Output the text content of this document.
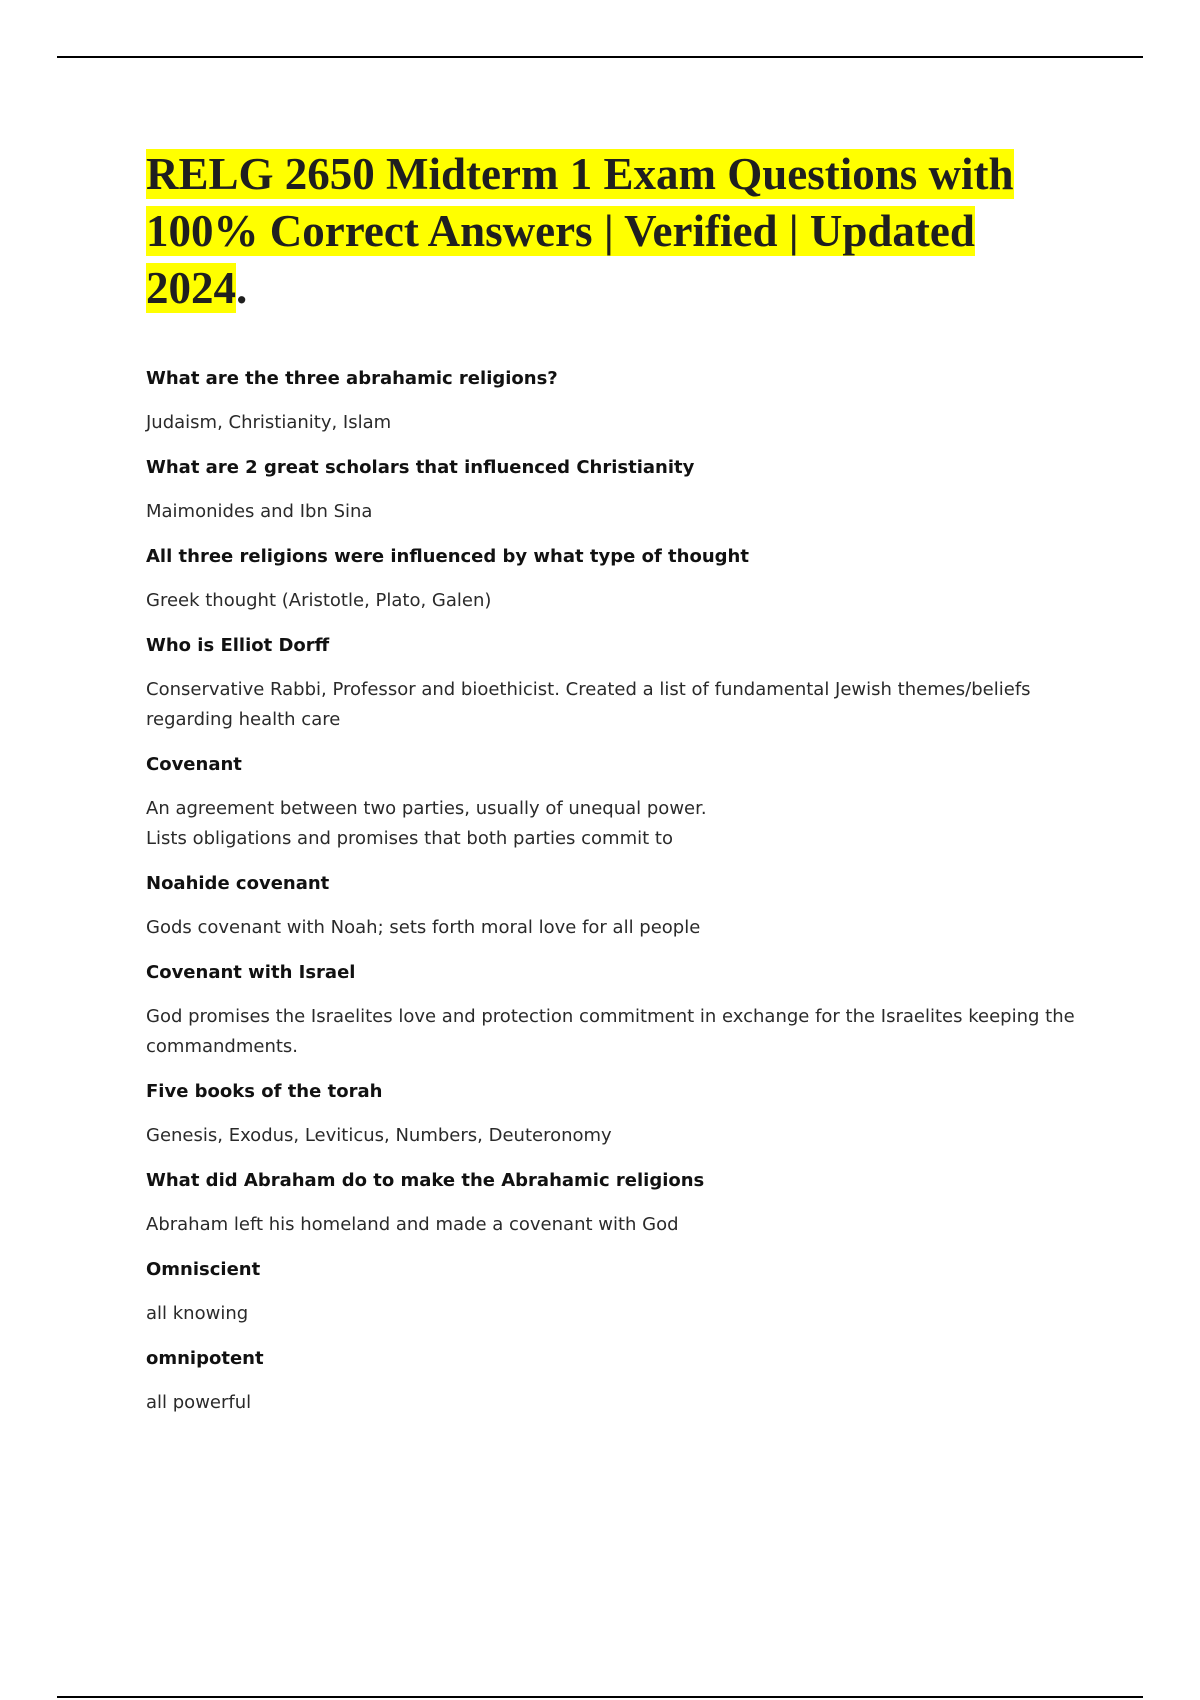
RELG 2650 Midterm 1 Exam Questions with 100% Correct Answers | Verified | Updated 2024.

What are the three abrahamic religions?

Judaism, Christianity, Islam

What are 2 great scholars that influenced Christianity

Maimonides and Ibn Sina

All three religions were influenced by what type of thought

Greek thought (Aristotle, Plato, Galen)

Who is Elliot Dorff

Conservative Rabbi, Professor and bioethicist. Created a list of fundamental Jewish themes/beliefs regarding health care

Covenant

An agreement between two parties, usually of unequal power.
Lists obligations and promises that both parties commit to

Noahide covenant

Gods covenant with Noah; sets forth moral love for all people

Covenant with Israel

God promises the Israelites love and protection commitment in exchange for the Israelites keeping the commandments.

Five books of the torah

Genesis, Exodus, Leviticus, Numbers, Deuteronomy

What did Abraham do to make the Abrahamic religions

Abraham left his homeland and made a covenant with God

Omniscient

all knowing

omnipotent

all powerful
